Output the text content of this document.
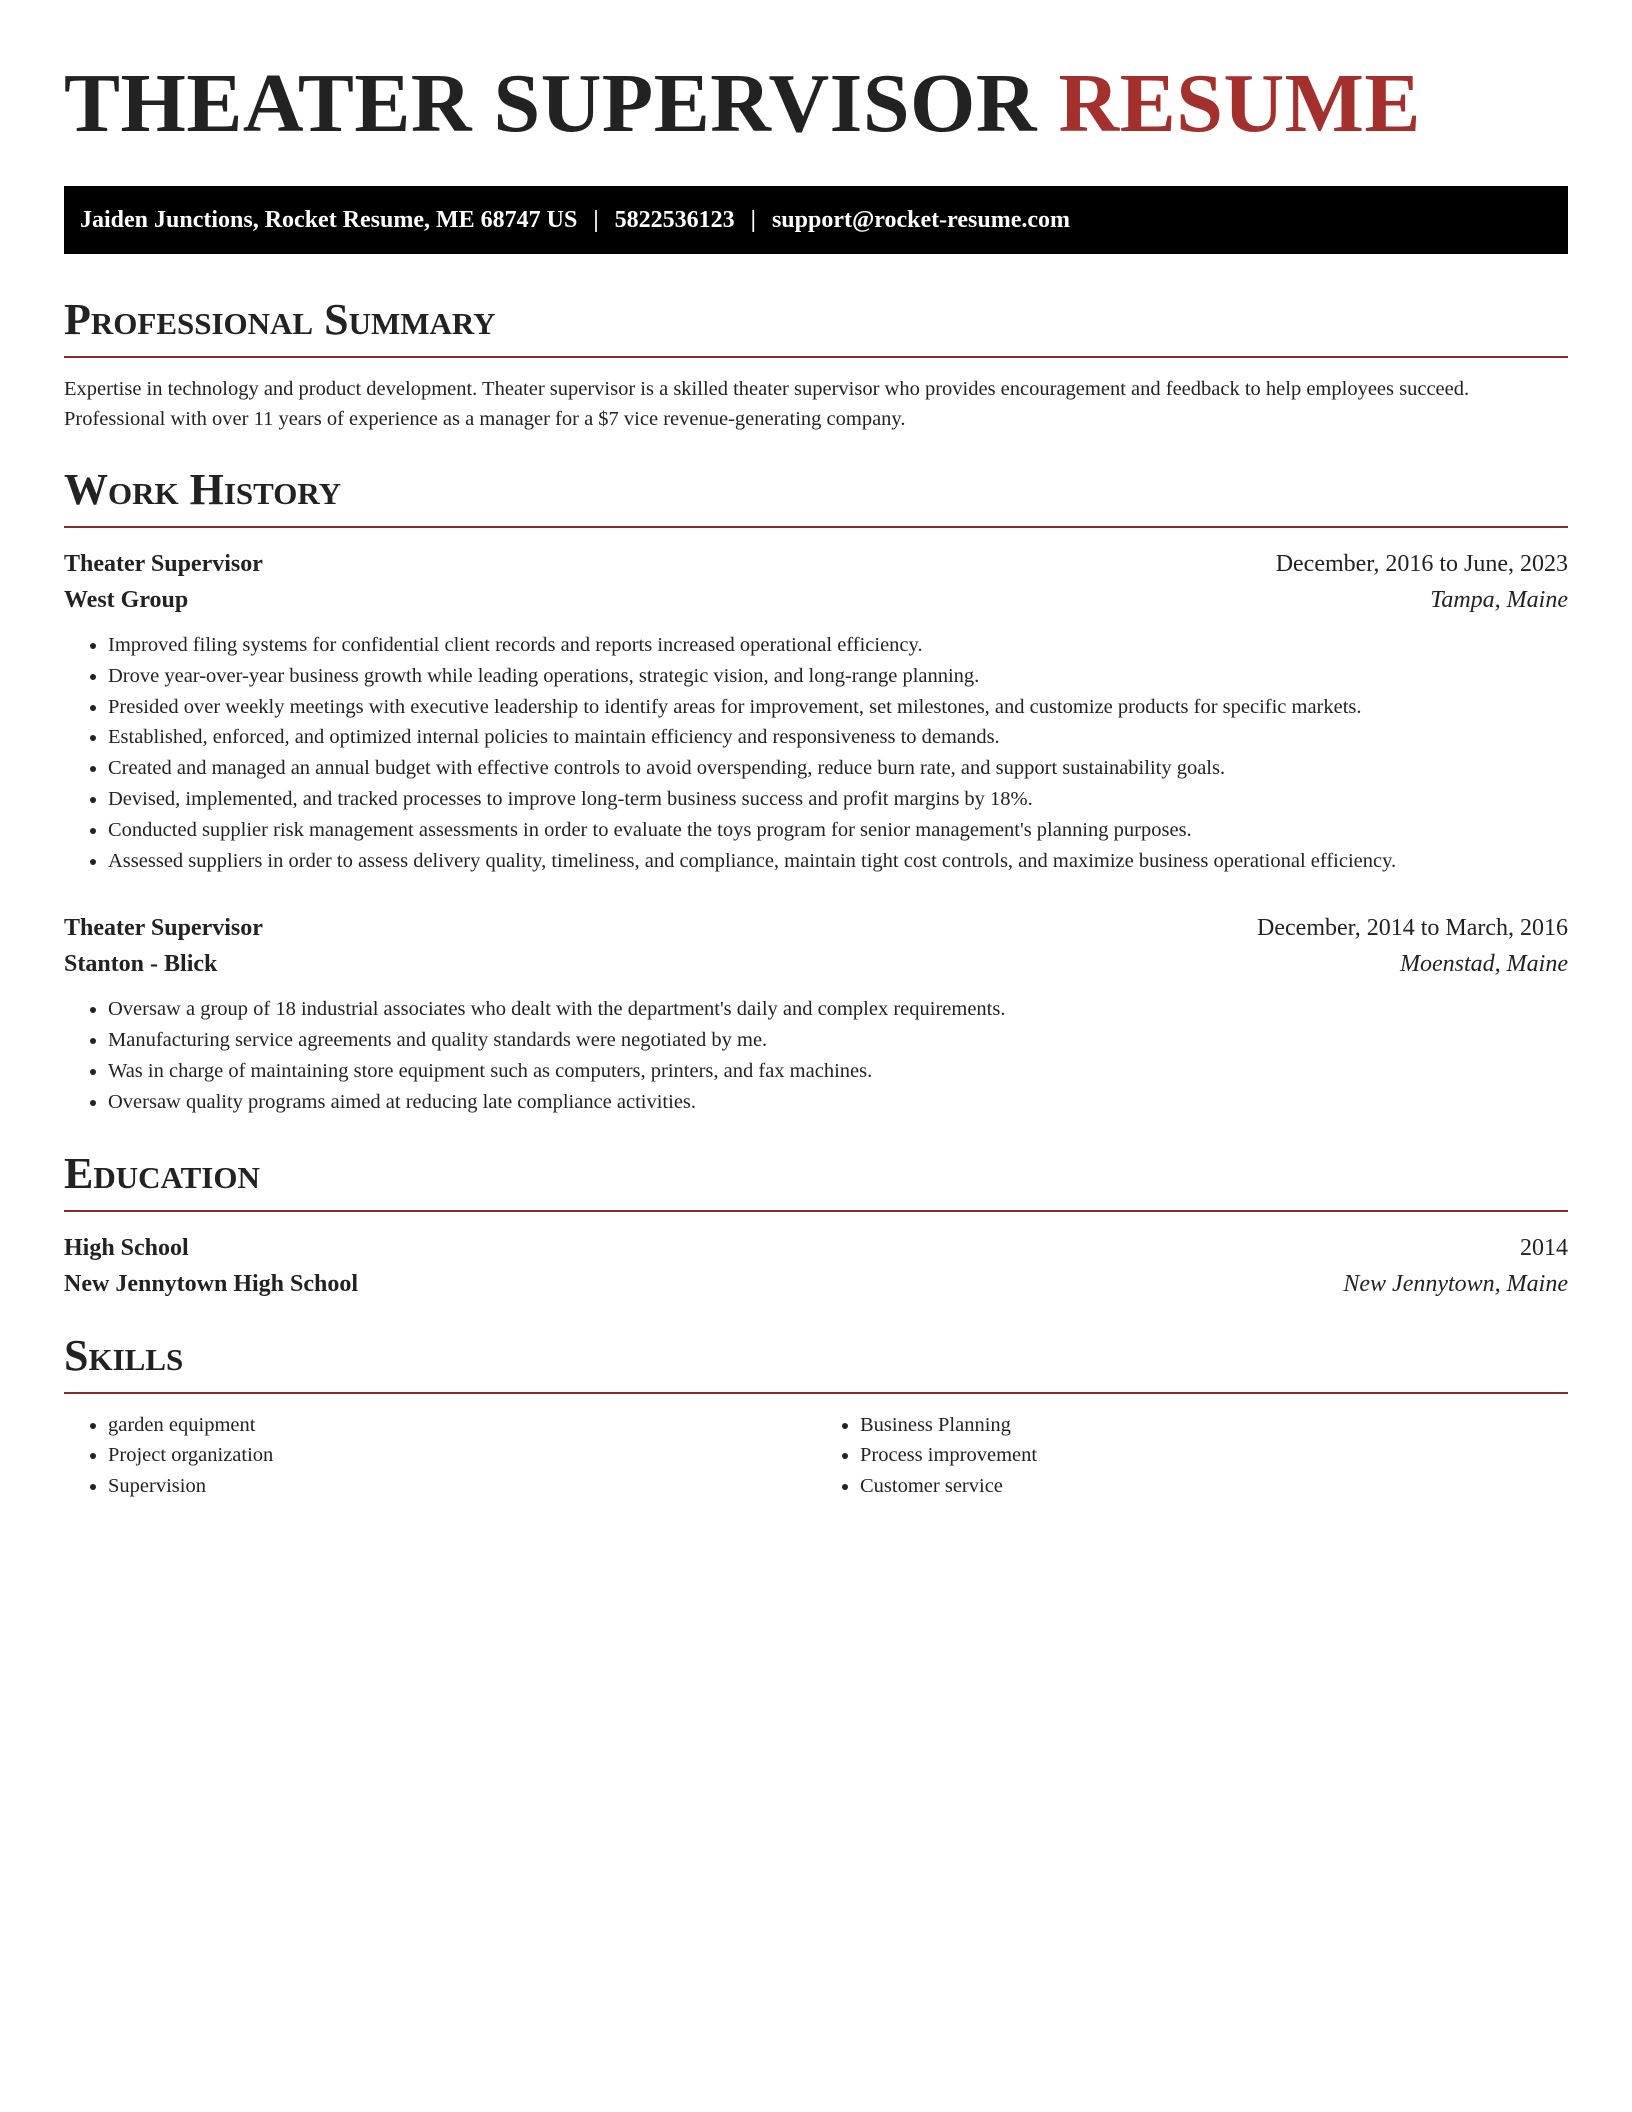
THEATER SUPERVISOR RESUME
Jaiden Junctions, Rocket Resume, ME 68747 US | 5822536123 | support@rocket-resume.com
Professional Summary

Expertise in technology and product development. Theater supervisor is a skilled theater supervisor who provides encouragement and feedback to help employees succeed. Professional with over 11 years of experience as a manager for a $7 vice revenue-generating company.

Work History
Theater Supervisor	December, 2016 to June, 2023
West Group	Tampa, Maine
• Improved filing systems for confidential client records and reports increased operational efficiency.
• Drove year-over-year business growth while leading operations, strategic vision, and long-range planning.
• Presided over weekly meetings with executive leadership to identify areas for improvement, set milestones, and customize products for specific markets.
• Established, enforced, and optimized internal policies to maintain efficiency and responsiveness to demands.
• Created and managed an annual budget with effective controls to avoid overspending, reduce burn rate, and support sustainability goals.
• Devised, implemented, and tracked processes to improve long-term business success and profit margins by 18%.
• Conducted supplier risk management assessments in order to evaluate the toys program for senior management's planning purposes.
• Assessed suppliers in order to assess delivery quality, timeliness, and compliance, maintain tight cost controls, and maximize business operational efficiency.
Theater Supervisor	December, 2014 to March, 2016
Stanton - Blick	Moenstad, Maine
• Oversaw a group of 18 industrial associates who dealt with the department's daily and complex requirements.
• Manufacturing service agreements and quality standards were negotiated by me.
• Was in charge of maintaining store equipment such as computers, printers, and fax machines.
• Oversaw quality programs aimed at reducing late compliance activities.
Education
High School	2014
New Jennytown High School	New Jennytown, Maine
Skills
• garden equipment
• Project organization
• Supervision
• Business Planning
• Process improvement
• Customer service
